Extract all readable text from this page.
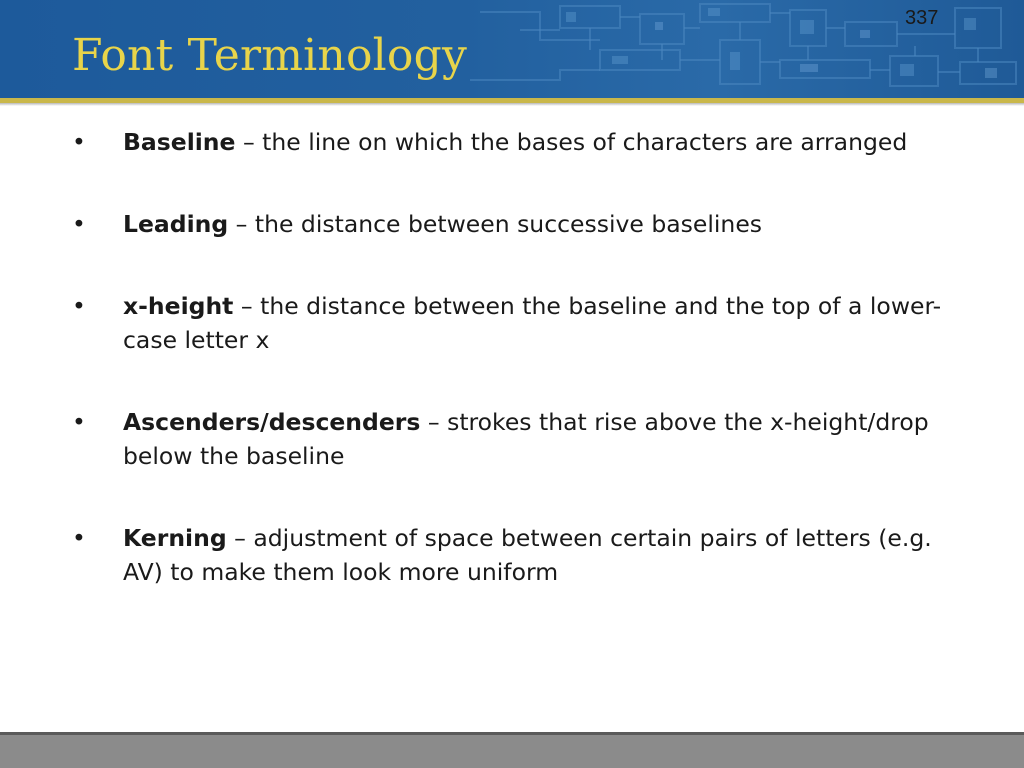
Font Terminology
337
• Baseline – the line on which the bases of characters are arranged
• Leading – the distance between successive baselines
• x-height – the distance between the baseline and the top of a lower-case letter x
• Ascenders/descenders – strokes that rise above the x-height/drop below the baseline
• Kerning – adjustment of space between certain pairs of letters (e.g. AV) to make them look more uniform
